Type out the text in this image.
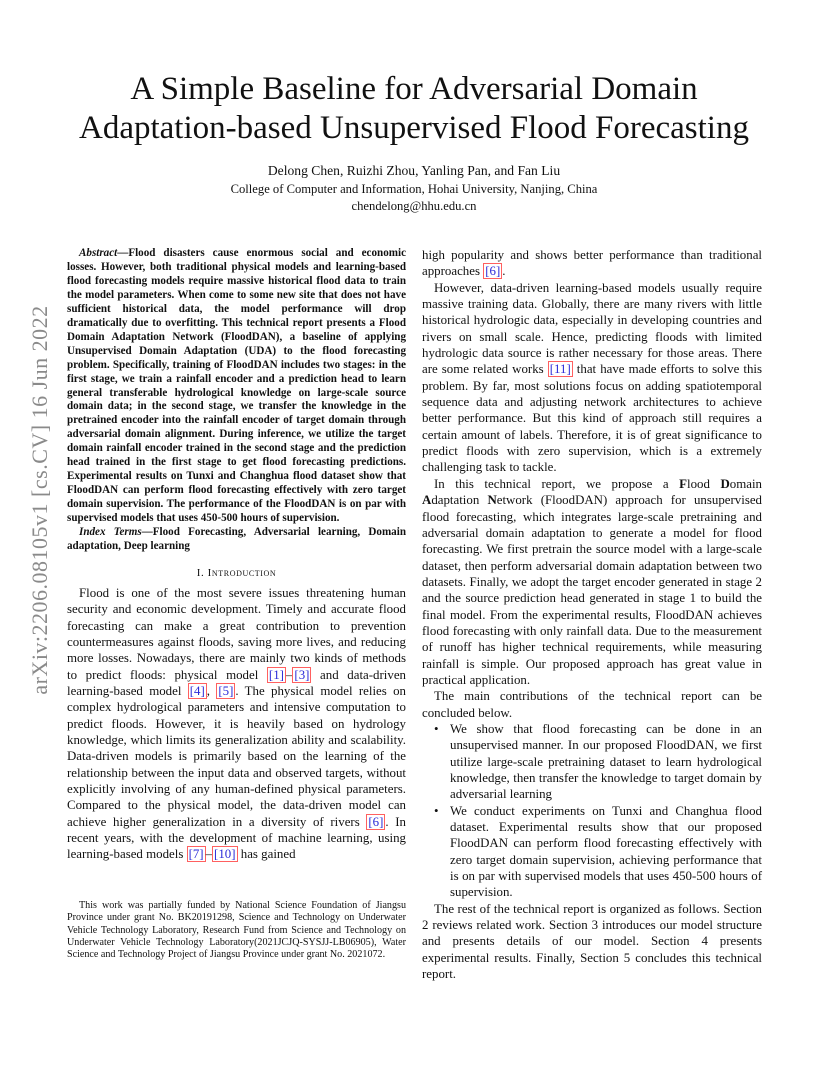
arXiv:2206.08105v1 [cs.CV] 16 Jun 2022
A Simple Baseline for Adversarial Domain Adaptation-based Unsupervised Flood Forecasting
Delong Chen, Ruizhi Zhou, Yanling Pan, and Fan Liu
College of Computer and Information, Hohai University, Nanjing, China
chendelong@hhu.edu.cn

Abstract—Flood disasters cause enormous social and economic losses. However, both traditional physical models and learning-based flood forecasting models require massive historical flood data to train the model parameters. When come to some new site that does not have sufficient historical data, the model performance will drop dramatically due to overfitting. This technical report presents a Flood Domain Adaptation Network (FloodDAN), a baseline of applying Unsupervised Domain Adaptation (UDA) to the flood forecasting problem. Specifically, training of FloodDAN includes two stages: in the first stage, we train a rainfall encoder and a prediction head to learn general transferable hydrological knowledge on large-scale source domain data; in the second stage, we transfer the knowledge in the pretrained encoder into the rainfall encoder of target domain through adversarial domain alignment. During inference, we utilize the target domain rainfall encoder trained in the second stage and the prediction head trained in the first stage to get flood forecasting predictions. Experimental results on Tunxi and Changhua flood dataset show that FloodDAN can perform flood forecasting effectively with zero target domain supervision. The performance of the FloodDAN is on par with supervised models that uses 450-500 hours of supervision.

Index Terms—Flood Forecasting, Adversarial learning, Domain adaptation, Deep learning

I. Introduction

Flood is one of the most severe issues threatening human security and economic development. Timely and accurate flood forecasting can make a great contribution to prevention countermeasures against floods, saving more lives, and reducing more losses. Nowadays, there are mainly two kinds of methods to predict floods: physical model [1] – [3] and data-driven learning-based model [4] , [5] . The physical model relies on complex hydrological parameters and intensive computation to predict floods. However, it is heavily based on hydrology knowledge, which limits its generalization ability and scalability. Data-driven models is primarily based on the learning of the relationship between the input data and observed targets, without explicitly involving of any human-defined physical parameters. Compared to the physical model, the data-driven model can achieve higher generalization in a diversity of rivers [6] . In recent years, with the development of machine learning, using learning-based models [7] – [10] has gained

This work was partially funded by National Science Foundation of Jiangsu Province under grant No. BK20191298, Science and Technology on Underwater Vehicle Technology Laboratory, Research Fund from Science and Technology on Underwater Vehicle Technology Laboratory(2021JCJQ-SYSJJ-LB06905), Water Science and Technology Project of Jiangsu Province under grant No. 2021072.

high popularity and shows better performance than traditional approaches [6] .

However, data-driven learning-based models usually require massive training data. Globally, there are many rivers with little historical hydrologic data, especially in developing countries and rivers on small scale. Hence, predicting floods with limited hydrologic data source is rather necessary for those areas. There are some related works [11] that have made efforts to solve this problem. By far, most solutions focus on adding spatiotemporal sequence data and adjusting network architectures to achieve better performance. But this kind of approach still requires a certain amount of labels. Therefore, it is of great significance to predict floods with zero supervision, which is a extremely challenging task to tackle.

In this technical report, we propose a Flood Domain Adaptation Network (FloodDAN) approach for unsupervised flood forecasting, which integrates large-scale pretraining and adversarial domain adaptation to generate a model for flood forecasting. We first pretrain the source model with a large-scale dataset, then perform adversarial domain adaptation between two datasets. Finally, we adopt the target encoder generated in stage 2 and the source prediction head generated in stage 1 to build the final model. From the experimental results, FloodDAN achieves flood forecasting with only rainfall data. Due to the measurement of runoff has higher technical requirements, while measuring rainfall is simple. Our proposed approach has great value in practical application.

The main contributions of the technical report can be concluded below.

• We show that flood forecasting can be done in an unsupervised manner. In our proposed FloodDAN, we first utilize large-scale pretraining dataset to learn hydrological knowledge, then transfer the knowledge to target domain by adversarial learning
• We conduct experiments on Tunxi and Changhua flood dataset. Experimental results show that our proposed FloodDAN can perform flood forecasting effectively with zero target domain supervision, achieving performance that is on par with supervised models that uses 450-500 hours of supervision.

The rest of the technical report is organized as follows. Section 2 reviews related work. Section 3 introduces our model structure and presents details of our model. Section 4 presents experimental results. Finally, Section 5 concludes this technical report.
